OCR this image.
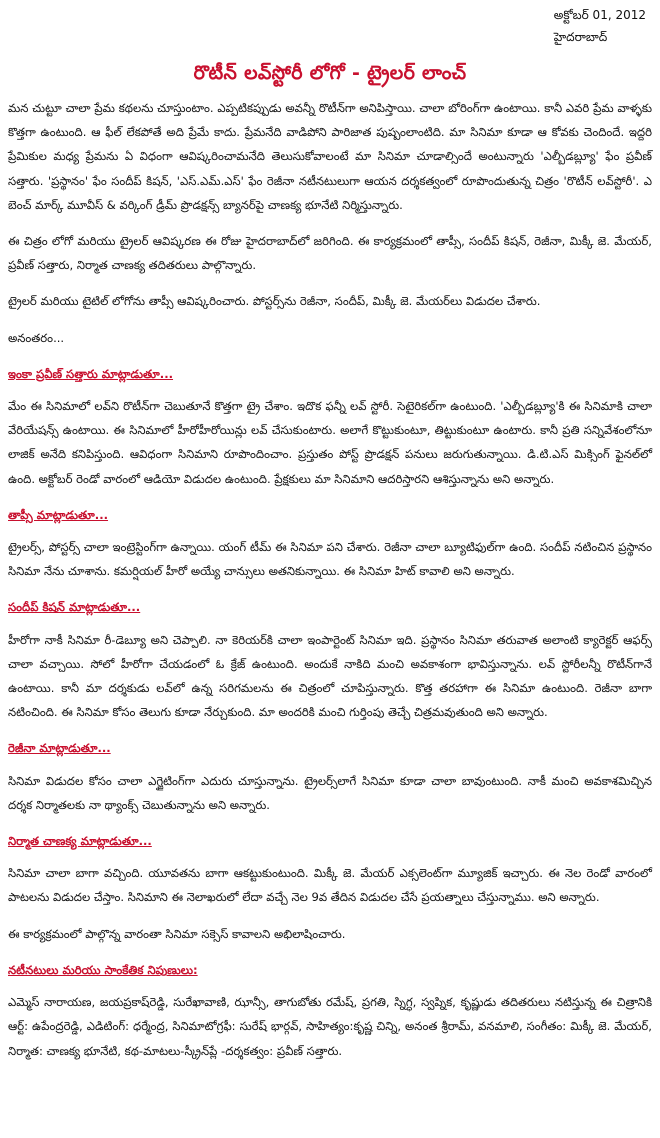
అక్టోబర్ 01, 2012
హైదరాబాద్
రొటీన్ లవ్‌స్టోరీ లోగో - ట్రైలర్ లాంచ్

మన చుట్టూ చాలా ప్రేమ కథలను చూస్తుంటాం. ఎప్పటికప్పుడు అవన్నీ రొటీన్‌గా అనిపిస్తాయి. చాలా బోరింగ్‌గా ఉంటాయి. కానీ ఎవరి ప్రేమ వాళ్ళకు కొత్తగా ఉంటుంది. ఆ ఫీల్ లేకపోతే అది ప్రేమే కాదు. ప్రేమనేది వాడిపోని పారిజాత పుష్పంలాంటిది. మా సినిమా కూడా ఆ కోవకు చెందిందే. ఇద్దరి ప్రేమికుల మధ్య ప్రేమను ఏ విధంగా ఆవిష్కరించామనేది తెలుసుకోవాలంటే మా సినిమా చూడాల్సిందే అంటున్నారు 'ఎల్బీడబ్ల్యూ' ఫేం ప్రవీణ్ సత్తారు. 'ప్రస్థానం' ఫేం సందీప్ కిషన్, 'ఎస్.ఎమ్.ఎస్' ఫేం రెజీనా నటీనటులుగా ఆయన దర్శకత్వంలో రూపొందుతున్న చిత్రం 'రొటీన్ లవ్‌స్టోరీ'. ఎ బెంచ్ మార్క్ మూవీస్ & వర్కింగ్ డ్రీమ్ ప్రొడక్షన్స్ బ్యానర్‌పై చాణక్య భూనేటి నిర్మిస్తున్నారు.

ఈ చిత్రం లోగో మరియు ట్రైలర్ ఆవిష్కరణ ఈ రోజు హైదరాబాద్‌లో జరిగింది. ఈ కార్యక్రమంలో తాప్సీ, సందీప్ కిషన్, రెజీనా, మిక్కీ జె. మేయర్, ప్రవీణ్ సత్తారు, నిర్మాత చాణక్య తదితరులు పాల్గొన్నారు.

ట్రైలర్ మరియు టైటిల్ లోగోను తాప్సీ ఆవిష్కరించారు. పోస్టర్స్‌ను రెజీనా, సందీప్, మిక్కీ జె. మేయర్‌లు విడుదల చేశారు.

అనంతరం...

ఇంకా ప్రవీణ్ సత్తారు మాట్లాడుతూ...

మేం ఈ సినిమాలో లవ్‌ని రొటీన్‌గా చెబుతూనే కొత్తగా ట్రై చేశాం. ఇదొక ఫన్నీ లవ్ స్టోరీ. సెటైరికల్‌గా ఉంటుంది. 'ఎల్బీడబ్ల్యూ'కి ఈ సినిమాకి చాలా వేరియేషన్స్ ఉంటాయి. ఈ సినిమాలో హీరోహీరోయిన్లు లవ్ చేసుకుంటారు. అలాగే కొట్టుకుంటూ, తిట్టుకుంటూ ఉంటారు. కానీ ప్రతి సన్నివేశంలోనూ లాజిక్ అనేది కనిపిస్తుంది. ఆవిధంగా సినిమాని రూపొందించాం. ప్రస్తుతం పోస్ట్ ప్రొడక్షన్ పనులు జరుగుతున్నాయి. డి.టి.ఎస్ మిక్సింగ్ ఫైనల్‌లో ఉంది. అక్టోబర్ రెండో వారంలో ఆడియో విడుదల ఉంటుంది. ప్రేక్షకులు మా సినిమాని ఆదరిస్తారని ఆశిస్తున్నాను అని అన్నారు.

తాప్సీ మాట్లాడుతూ...

ట్రైలర్స్, పోస్టర్స్ చాలా ఇంట్రెస్టింగ్‌గా ఉన్నాయి. యంగ్ టీమ్ ఈ సినిమా పని చేశారు. రెజీనా చాలా బ్యూటిఫుల్‌గా ఉంది. సందీప్ నటించిన ప్రస్థానం సినిమా నేను చూశాను. కమర్షియల్ హీరో అయ్యే చాన్సులు అతనికున్నాయి. ఈ సినిమా హిట్ కావాలి అని అన్నారు.

సందీప్ కిషన్ మాట్లాడుతూ...

హీరోగా నాకీ సినిమా రీ-డెబ్యూ అని చెప్పాలి. నా కెరియర్‌కి చాలా ఇంపార్టెంట్ సినిమా ఇది. ప్రస్థానం సినిమా తరువాత అలాంటి క్యారెక్టర్ ఆఫర్స్ చాలా వచ్చాయి. సోలో హీరోగా చేయడంలో ఓ క్రేజ్ ఉంటుంది. అందుకే నాకిది మంచి అవకాశంగా భావిస్తున్నాను. లవ్ స్టోరీలన్నీ రొటీన్‌గానే ఉంటాయి. కానీ మా దర్శకుడు లవ్‌లో ఉన్న సరిగమలను ఈ చిత్రంలో చూపిస్తున్నారు. కొత్త తరహాగా ఈ సినిమా ఉంటుంది. రెజీనా బాగా నటించింది. ఈ సినిమా కోసం తెలుగు కూడా నేర్చుకుంది. మా అందరికి మంచి గుర్తింపు తెచ్చే చిత్రమవుతుంది అని అన్నారు.

రెజీనా మాట్లాడుతూ...

సినిమా విడుదల కోసం చాలా ఎగ్జైటింగ్‌గా ఎదురు చూస్తున్నాను. ట్రైలర్స్‌లాగే సినిమా కూడా చాలా బావుంటుంది. నాకీ మంచి అవకాశమిచ్చిన దర్శక నిర్మాతలకు నా థ్యాంక్స్ చెబుతున్నాను అని అన్నారు.

నిర్మాత చాణక్య మాట్లాడుతూ...

సినిమా చాలా బాగా వచ్చింది. యూవతను బాగా ఆకట్టుకుంటుంది. మిక్కీ జె. మేయర్ ఎక్సలెంట్‌గా మ్యూజిక్ ఇచ్చారు. ఈ నెల రెండో వారంలో పాటలను విడుదల చేస్తాం. సినిమాని ఈ నెలాఖరులో లేదా వచ్చే నెల 9వ తేదిన విడుదల చేసే ప్రయత్నాలు చేస్తున్నాము. అని అన్నారు.

ఈ కార్యక్రమంలో పాల్గొన్న వారంతా సినిమా సక్సెస్ కావాలని అభిలాషించారు.

నటీనటులు మరియు సాంకేతిక నిపుణులు:

ఎమ్మెస్ నారాయణ, జయప్రకాష్‌రెడ్డి, సురేఖావాణి, ఝాన్సీ, తాగుబోతు రమేష్, ప్రగతి, స్నిగ్ధ, స్వప్నిక, కృష్ణుడు తదితరులు నటిస్తున్న ఈ చిత్రానికి ఆర్ట్: ఉపేంద్రరెడ్డి, ఎడిటింగ్: ధర్మేంద్ర, సినిమాటోగ్రఫీ: సురేష్ భార్గవ్, సాహిత్యం:కృష్ణ చిన్ని, అనంత శ్రీరామ్, వనమాలి, సంగీతం: మిక్కీ జె. మేయర్, నిర్మాత: చాణక్య భూనేటి, కథ-మాటలు-స్క్రీన్‌ప్లే -దర్శకత్వం: ప్రవీణ్ సత్తారు.
